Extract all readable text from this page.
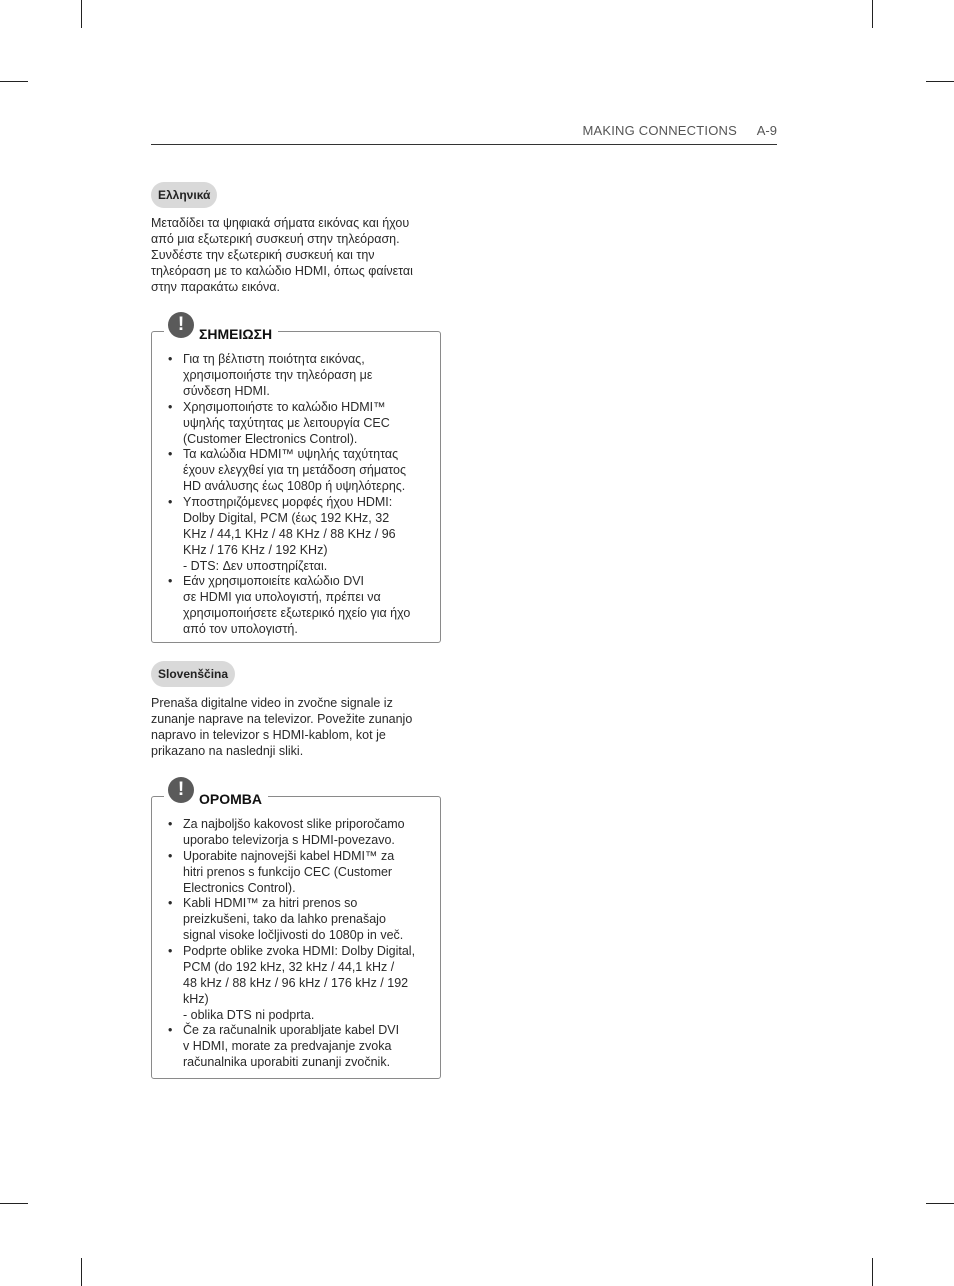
MAKING CONNECTIONS A-9
Ελληνικά

Μεταδίδει τα ψηφιακά σήματα εικόνας και ήχου
από μια εξωτερική συσκευή στην τηλεόραση.
Συνδέστε την εξωτερική συσκευή και την
τηλεόραση με το καλώδιο HDMI, όπως φαίνεται
στην παρακάτω εικόνα.

!	ΣΗΜΕΙΩΣΗ
• Για τη βέλτιστη ποιότητα εικόνας,
χρησιμοποιήστε την τηλεόραση με
σύνδεση HDMI.
• Χρησιμοποιήστε το καλώδιο HDMI™
υψηλής ταχύτητας με λειτουργία CEC
(Customer Electronics Control).
• Τα καλώδια HDMI™ υψηλής ταχύτητας
έχουν ελεγχθεί για τη μετάδοση σήματος
HD ανάλυσης έως 1080p ή υψηλότερης.
• Υποστηριζόμενες μορφές ήχου HDMI:
Dolby Digital, PCM (έως 192 KHz, 32
KHz / 44,1 KHz / 48 KHz / 88 KHz / 96
KHz / 176 KHz / 192 KHz)
- DTS: Δεν υποστηρίζεται.
• Εάν χρησιμοποιείτε καλώδιο DVI
σε HDMI για υπολογιστή, πρέπει να
χρησιμοποιήσετε εξωτερικό ηχείο για ήχο
από τον υπολογιστή.
Slovenščina

Prenaša digitalne video in zvočne signale iz
zunanje naprave na televizor. Povežite zunanjo
napravo in televizor s HDMI-kablom, kot je
prikazano na naslednji sliki.

!	OPOMBA
• Za najboljšo kakovost slike priporočamo
uporabo televizorja s HDMI-povezavo.
• Uporabite najnovejši kabel HDMI™ za
hitri prenos s funkcijo CEC (Customer
Electronics Control).
• Kabli HDMI™ za hitri prenos so
preizkušeni, tako da lahko prenašajo
signal visoke ločljivosti do 1080p in več.
• Podprte oblike zvoka HDMI: Dolby Digital,
PCM (do 192 kHz, 32 kHz / 44,1 kHz /
48 kHz / 88 kHz / 96 kHz / 176 kHz / 192
kHz)
- oblika DTS ni podprta.
• Če za računalnik uporabljate kabel DVI
v HDMI, morate za predvajanje zvoka
računalnika uporabiti zunanji zvočnik.
